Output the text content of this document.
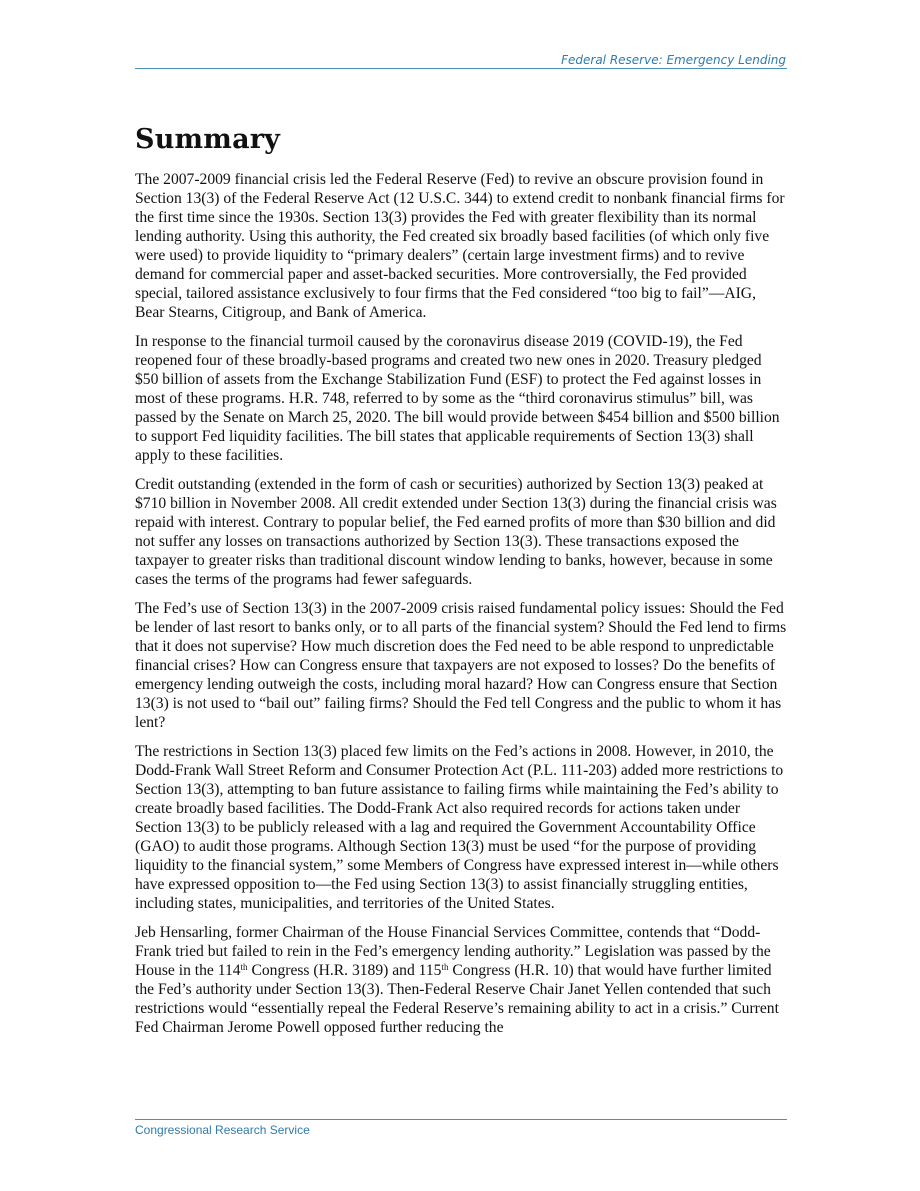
Federal Reserve: Emergency Lending
Summary

The 2007-2009 financial crisis led the Federal Reserve (Fed) to revive an obscure provision found in Section 13(3) of the Federal Reserve Act (12 U.S.C. 344) to extend credit to nonbank financial firms for the first time since the 1930s. Section 13(3) provides the Fed with greater flexibility than its normal lending authority. Using this authority, the Fed created six broadly based facilities (of which only five were used) to provide liquidity to “primary dealers” (certain large investment firms) and to revive demand for commercial paper and asset-backed securities. More controversially, the Fed provided special, tailored assistance exclusively to four firms that the Fed considered “too big to fail”—AIG, Bear Stearns, Citigroup, and Bank of America.

In response to the financial turmoil caused by the coronavirus disease 2019 (COVID-19), the Fed reopened four of these broadly-based programs and created two new ones in 2020. Treasury pledged $50 billion of assets from the Exchange Stabilization Fund (ESF) to protect the Fed against losses in most of these programs. H.R. 748, referred to by some as the “third coronavirus stimulus” bill, was passed by the Senate on March 25, 2020. The bill would provide between $454 billion and $500 billion to support Fed liquidity facilities. The bill states that applicable requirements of Section 13(3) shall apply to these facilities.

Credit outstanding (extended in the form of cash or securities) authorized by Section 13(3) peaked at $710 billion in November 2008. All credit extended under Section 13(3) during the financial crisis was repaid with interest. Contrary to popular belief, the Fed earned profits of more than $30 billion and did not suffer any losses on transactions authorized by Section 13(3). These transactions exposed the taxpayer to greater risks than traditional discount window lending to banks, however, because in some cases the terms of the programs had fewer safeguards.

The Fed’s use of Section 13(3) in the 2007-2009 crisis raised fundamental policy issues: Should the Fed be lender of last resort to banks only, or to all parts of the financial system? Should the Fed lend to firms that it does not supervise? How much discretion does the Fed need to be able respond to unpredictable financial crises? How can Congress ensure that taxpayers are not exposed to losses? Do the benefits of emergency lending outweigh the costs, including moral hazard? How can Congress ensure that Section 13(3) is not used to “bail out” failing firms? Should the Fed tell Congress and the public to whom it has lent?

The restrictions in Section 13(3) placed few limits on the Fed’s actions in 2008. However, in 2010, the Dodd-Frank Wall Street Reform and Consumer Protection Act (P.L. 111-203) added more restrictions to Section 13(3), attempting to ban future assistance to failing firms while maintaining the Fed’s ability to create broadly based facilities. The Dodd-Frank Act also required records for actions taken under Section 13(3) to be publicly released with a lag and required the Government Accountability Office (GAO) to audit those programs. Although Section 13(3) must be used “for the purpose of providing liquidity to the financial system,” some Members of Congress have expressed interest in—while others have expressed opposition to—the Fed using Section 13(3) to assist financially struggling entities, including states, municipalities, and territories of the United States.

Jeb Hensarling, former Chairman of the House Financial Services Committee, contends that “Dodd-Frank tried but failed to rein in the Fed’s emergency lending authority.” Legislation was passed by the House in the 114th Congress (H.R. 3189) and 115th Congress (H.R. 10) that would have further limited the Fed’s authority under Section 13(3). Then-Federal Reserve Chair Janet Yellen contended that such restrictions would “essentially repeal the Federal Reserve’s remaining ability to act in a crisis.” Current Fed Chairman Jerome Powell opposed further reducing the

Congressional Research Service
